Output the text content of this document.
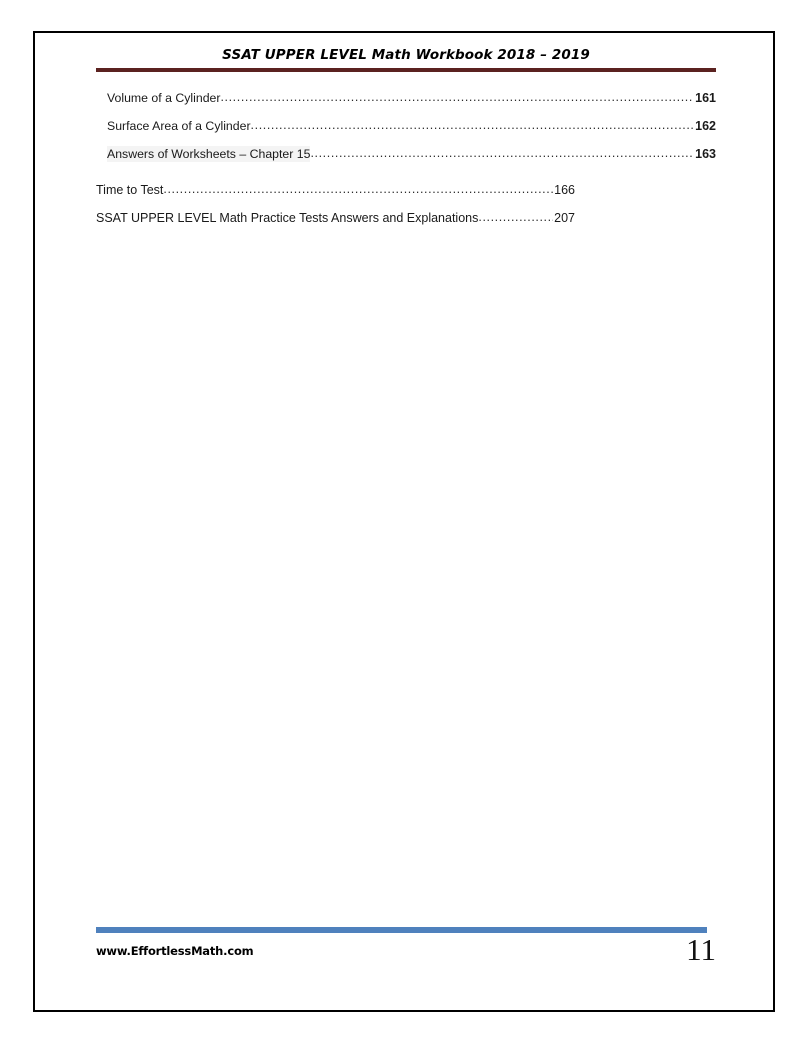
SSAT UPPER LEVEL Math Workbook 2018 – 2019
Volume of a Cylinder .....	161
Surface Area of a Cylinder .....	162
Answers of Worksheets – Chapter 15 .....	163
Time to Test .....	166
SSAT UPPER LEVEL Math Practice Tests Answers and Explanations .....	207
www.EffortlessMath.com	11
